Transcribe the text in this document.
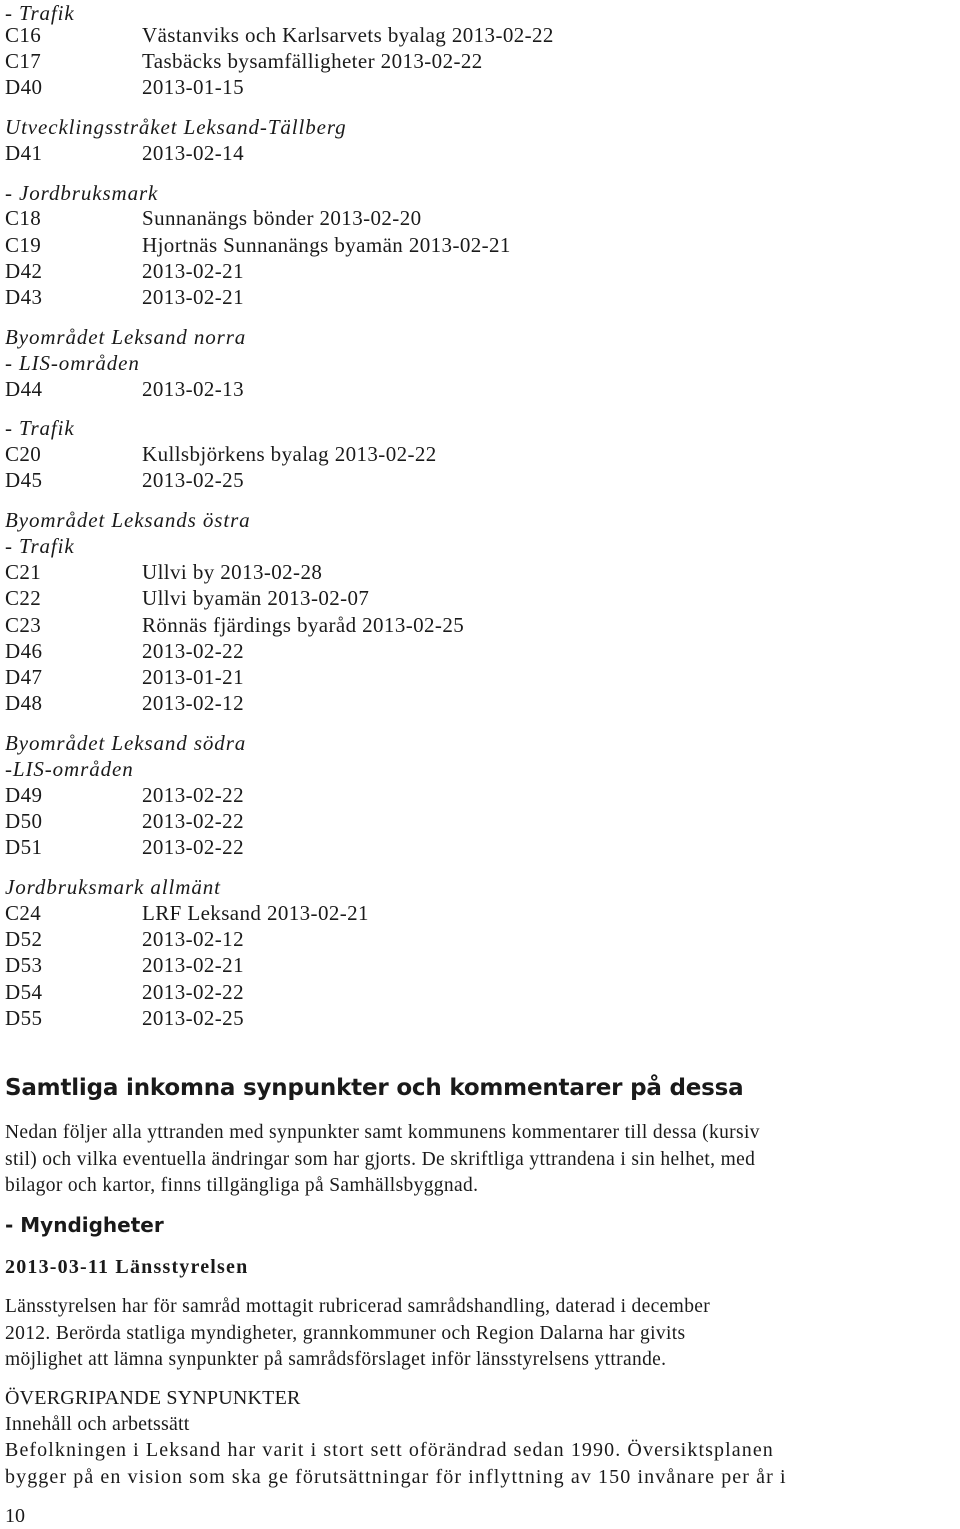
- Trafik
C16	Västanviks och Karlsarvets byalag 2013-02-22
C17	Tasbäcks bysamfälligheter 2013-02-22
D40	2013-01-15
Utvecklingsstråket Leksand-Tällberg
D41	2013-02-14
- Jordbruksmark
C18	Sunnanängs bönder 2013-02-20
C19	Hjortnäs Sunnanängs byamän 2013-02-21
D42	2013-02-21
D43	2013-02-21
Byområdet Leksand norra
- LIS-områden
D44	2013-02-13
- Trafik
C20	Kullsbjörkens byalag 2013-02-22
D45	2013-02-25
Byområdet Leksands östra
- Trafik
C21	Ullvi by 2013-02-28
C22	Ullvi byamän 2013-02-07
C23	Rönnäs fjärdings byaråd 2013-02-25
D46	2013-02-22
D47	2013-01-21
D48	2013-02-12
Byområdet Leksand södra
-LIS-områden
D49	2013-02-22
D50	2013-02-22
D51	2013-02-22
Jordbruksmark allmänt
C24	LRF Leksand 2013-02-21
D52	2013-02-12
D53	2013-02-21
D54	2013-02-22
D55	2013-02-25
Samtliga inkomna synpunkter och kommentarer på dessa
Nedan följer alla yttranden med synpunkter samt kommunens kommentarer till dessa (kursiv
stil) och vilka eventuella ändringar som har gjorts. De skriftliga yttrandena i sin helhet, med
bilagor och kartor, finns tillgängliga på Samhällsbyggnad.
- Myndigheter
2013-03-11 Länsstyrelsen
Länsstyrelsen har för samråd mottagit rubricerad samrådshandling, daterad i december
2012. Berörda statliga myndigheter, grannkommuner och Region Dalarna har givits
möjlighet att lämna synpunkter på samrådsförslaget inför länsstyrelsens yttrande.
ÖVERGRIPANDE SYNPUNKTER
Innehåll och arbetssätt
Befolkningen i Leksand har varit i stort sett oförändrad sedan 1990. Översiktsplanen
bygger på en vision som ska ge förutsättningar för inflyttning av 150 invånare per år i
10
